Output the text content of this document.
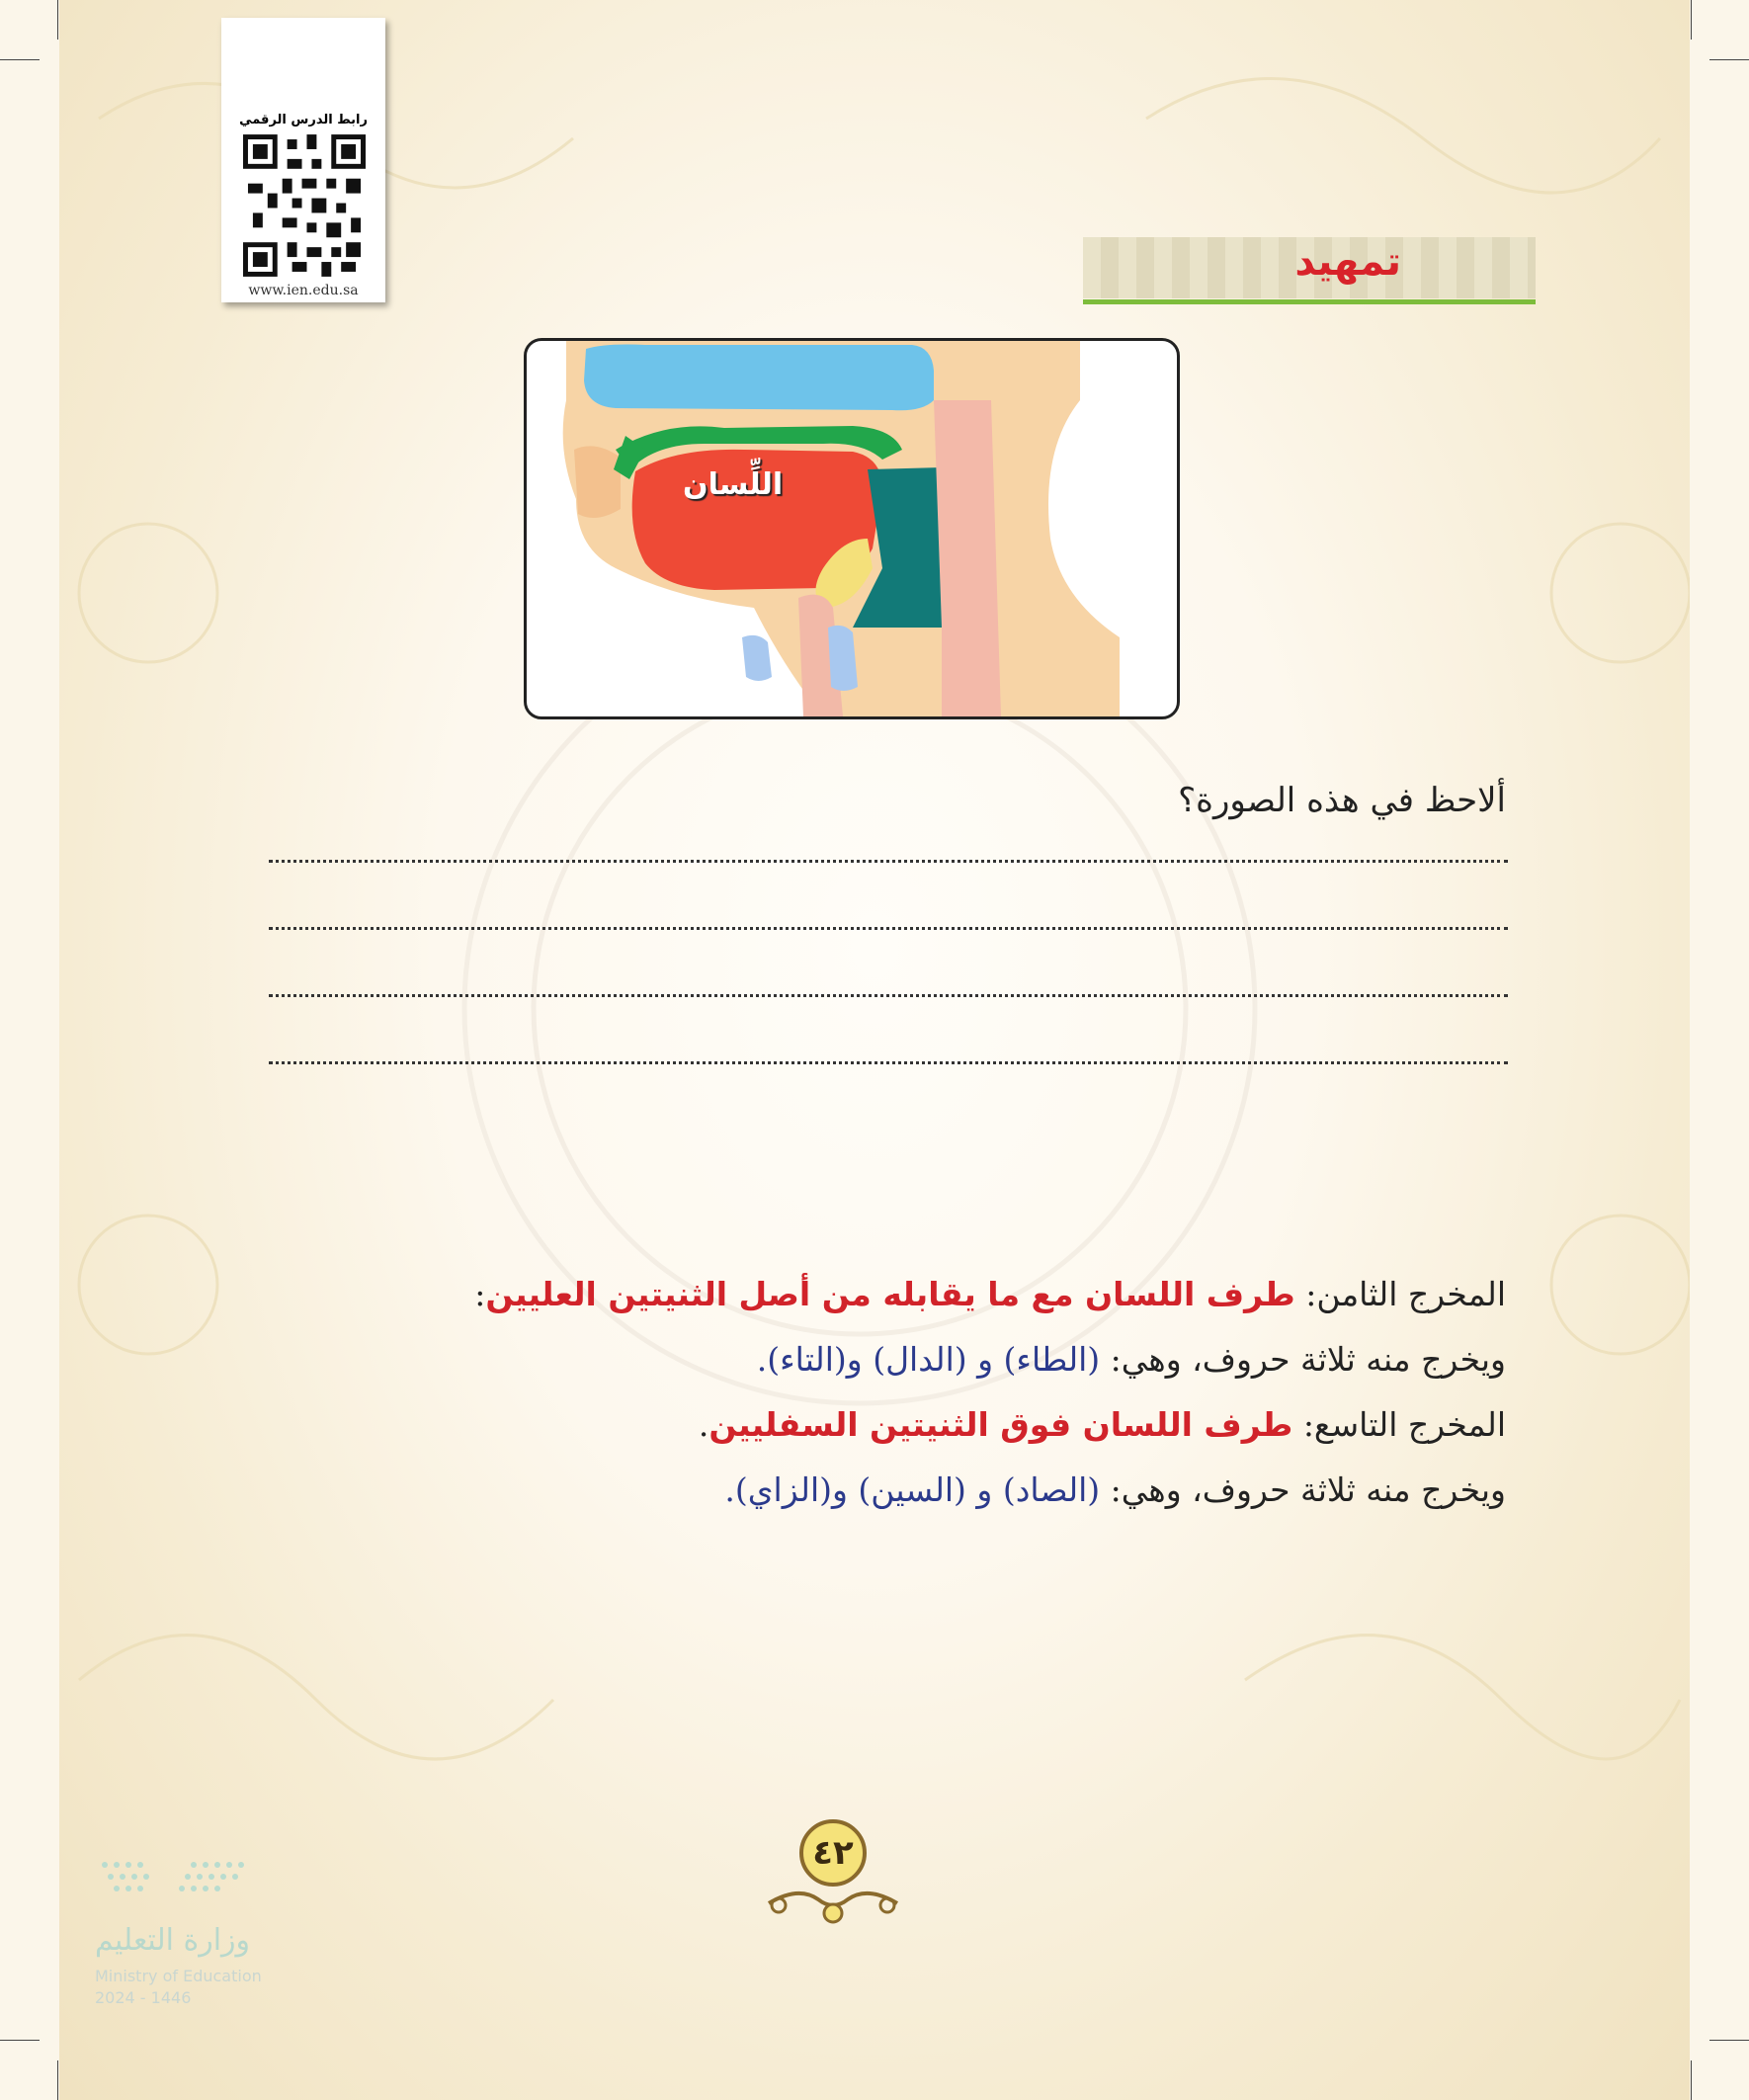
رابط الدرس الرقمي
www.ien.edu.sa
تمهيد
اللِّسان
ألاحظ في هذه الصورة؟
المخرج الثامن: طرف اللسان مع ما يقابله من أصل الثنيتين العليين:
ويخرج منه ثلاثة حروف، وهي: (الطاء) و (الدال) و(التاء).
المخرج التاسع: طرف اللسان فوق الثنيتين السفليين.
ويخرج منه ثلاثة حروف، وهي: (الصاد) و (السين) و(الزاي).
٤٢
وزارة التعليم
Ministry of Education
2024 - 1446
